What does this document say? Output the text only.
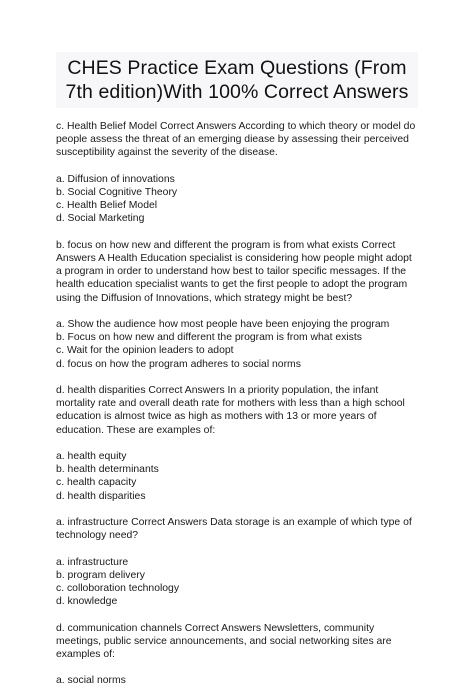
CHES Practice Exam Questions (From 7th edition)With 100% Correct Answers

c. Health Belief Model Correct Answers According to which theory or model do people assess the threat of an emerging diease by assessing their perceived susceptibility against the severity of the disease.

a. Diffusion of innovations
b. Social Cognitive Theory
c. Health Belief Model
d. Social Marketing

b. focus on how new and different the program is from what exists Correct Answers A Health Education specialist is considering how people might adopt a program in order to understand how best to tailor specific messages. If the health education specialist wants to get the first people to adopt the program using the Diffusion of Innovations, which strategy might be best?

a. Show the audience how most people have been enjoying the program
b. Focus on how new and different the program is from what exists
c. Wait for the opinion leaders to adopt
d. focus on how the program adheres to social norms

d. health disparities Correct Answers In a priority population, the infant mortality rate and overall death rate for mothers with less than a high school education is almost twice as high as mothers with 13 or more years of education. These are examples of:

a. health equity
b. health determinants
c. health capacity
d. health disparities

a. infrastructure Correct Answers Data storage is an example of which type of technology need?

a. infrastructure
b. program delivery
c. colloboration technology
d. knowledge

d. communication channels Correct Answers Newsletters, community meetings, public service announcements, and social networking sites are examples of:

a. social norms
